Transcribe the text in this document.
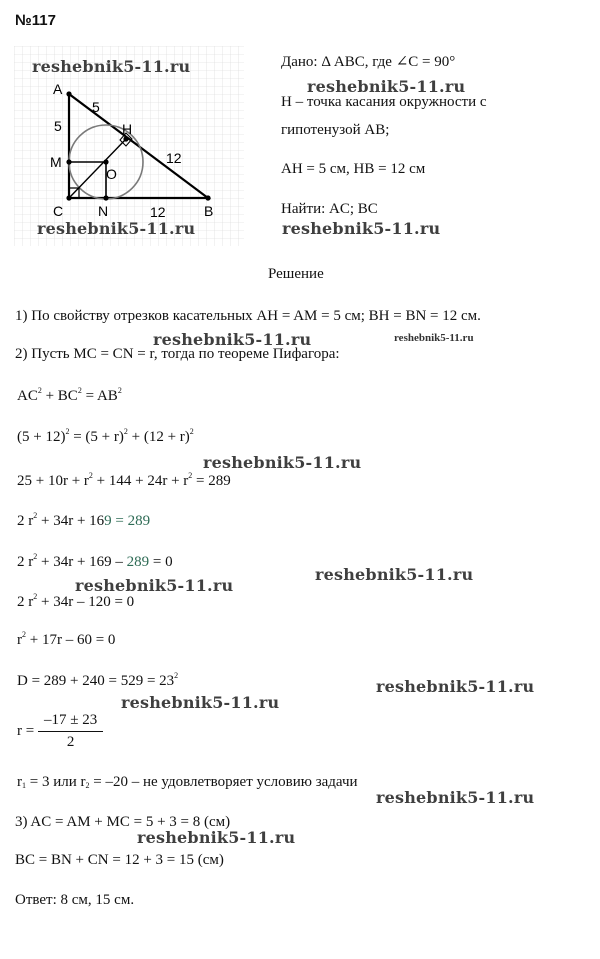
№117
A
M
C N	B
O
H
5
5
12
12
Дано: Δ ABC, где ∠C = 90°
H – точка касания окружности с
гипотенузой AB;
AH = 5 см, HB = 12 см
Найти: AC; BC
Решение
1) По свойству отрезков касательных AH = AM = 5 см; BH = BN = 12 см.
2) Пусть MC = CN = r, тогда по теореме Пифагора:
$AC^2 + BC^2 = AB^2$
$(5 + 12)^2 = (5 + r)^2 + (12 + r)^2$
$25 + 10r + r^2 + 144 + 24r + r^2 = 289$
2 $r^2 + 34r + 169 = 289$
2 $r^2 + 34r + 169 - 289 = 0$
2 $r^2 + 34r - 120 = 0$
$r^2 + 17r - 60 = 0$
$D = 289 + 240 = 529 = 23^2$
$r = \frac{-17 \pm 23}{2}$
$r_1 = 3$ или $r_2 = -20$ – не удовлетворяет условию задачи
3) AC = AM + MC = 5 + 3 = 8 (см)
BC = BN + CN = 12 + 3 = 15 (см)
Ответ: 8 см, 15 см.
reshebnik5-11.ru
reshebnik5-11.ru
reshebnik5-11.ru	reshebnik5-11.ru
reshebnik5-11.ru	reshebnik5-11.ru
reshebnik5-11.ru
reshebnik5-11.ru
reshebnik5-11.ru
reshebnik5-11.ru
reshebnik5-11.ru
reshebnik5-11.ru
reshebnik5-11.ru
